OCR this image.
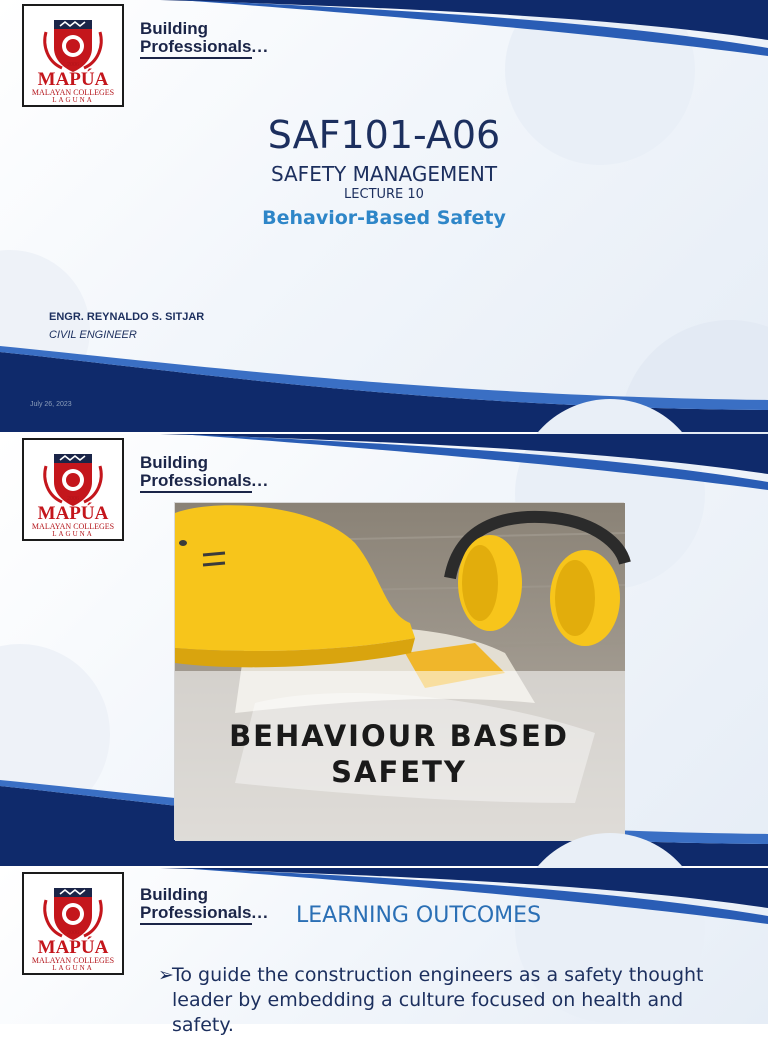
2006
MAPÚA
MALAYAN COLLEGES
LAGUNA
Building
Professionals...
SAF101-A06
SAFETY MANAGEMENT
LECTURE 10
Behavior-Based Safety
ENGR. REYNALDO S. SITJAR
CIVIL ENGINEER
July 26, 2023
2006
MAPÚA
MALAYAN COLLEGES
LAGUNA
Building
Professionals...
BEHAVIOUR BASED
SAFETY
2006
MAPÚA
MALAYAN COLLEGES
LAGUNA
Building
Professionals... LEARNING OUTCOMES
➢To guide the construction engineers as a safety thought
leader by embedding a culture focused on health and safety.
